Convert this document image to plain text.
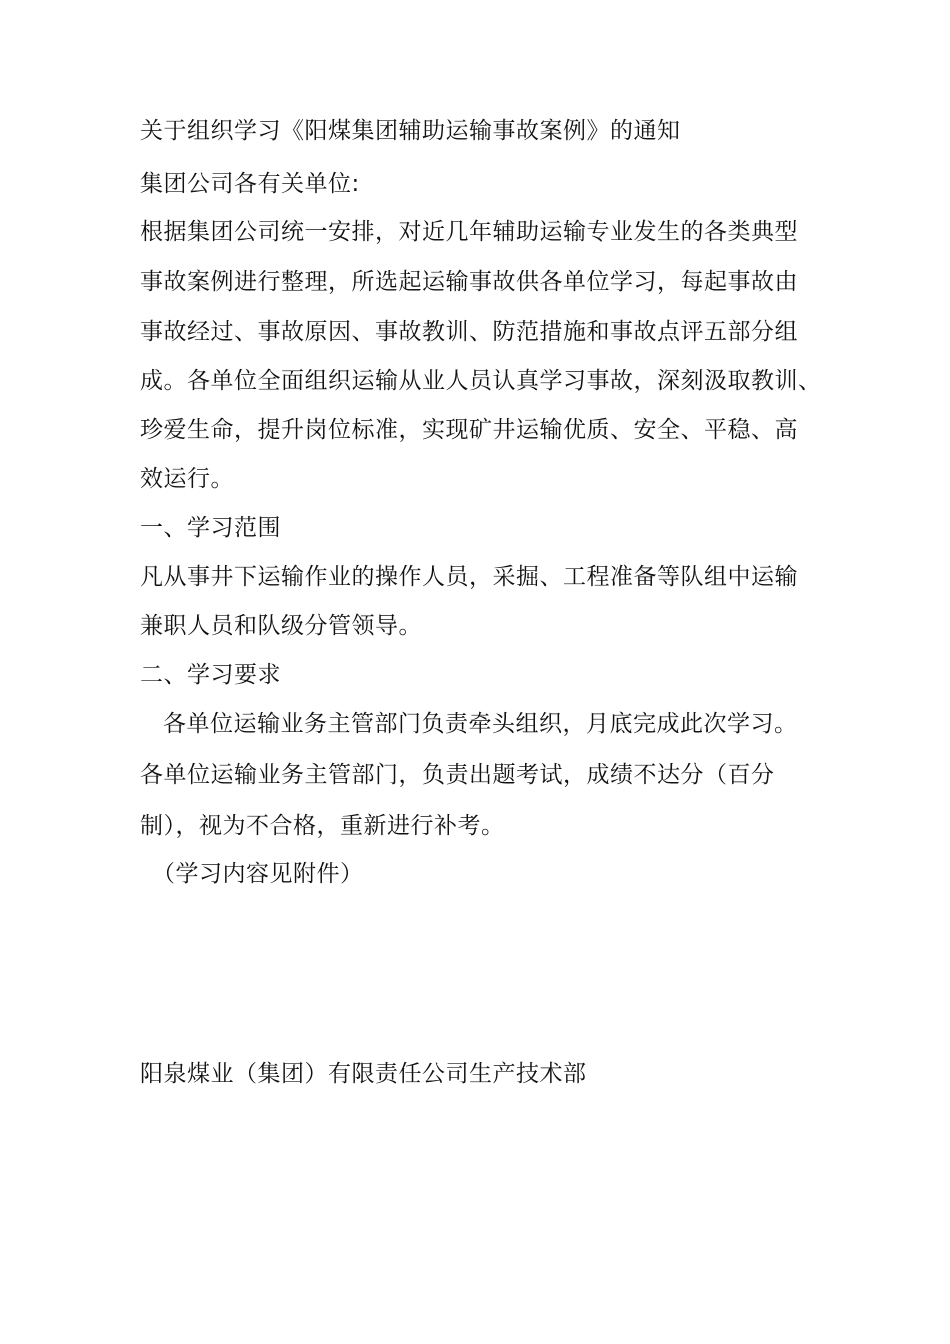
关于组织学习《阳煤集团辅助运输事故案例》的通知
集团公司各有关单位:
根据集团公司统一安排，对近几年辅助运输专业发生的各类典型
事故案例进行整理，所选起运输事故供各单位学习，每起事故由
事故经过、事故原因、事故教训、防范措施和事故点评五部分组
成。各单位全面组织运输从业人员认真学习事故，深刻汲取教训、
珍爱生命，提升岗位标准，实现矿井运输优质、安全、平稳、高
效运行。
一、学习范围
凡从事井下运输作业的操作人员，采掘、工程准备等队组中运输
兼职人员和队级分管领导。
二、学习要求
各单位运输业务主管部门负责牵头组织，月底完成此次学习。
各单位运输业务主管部门，负责出题考试，成绩不达分（百分
制），视为不合格，重新进行补考。
（学习内容见附件）
阳泉煤业（集团）有限责任公司生产技术部
